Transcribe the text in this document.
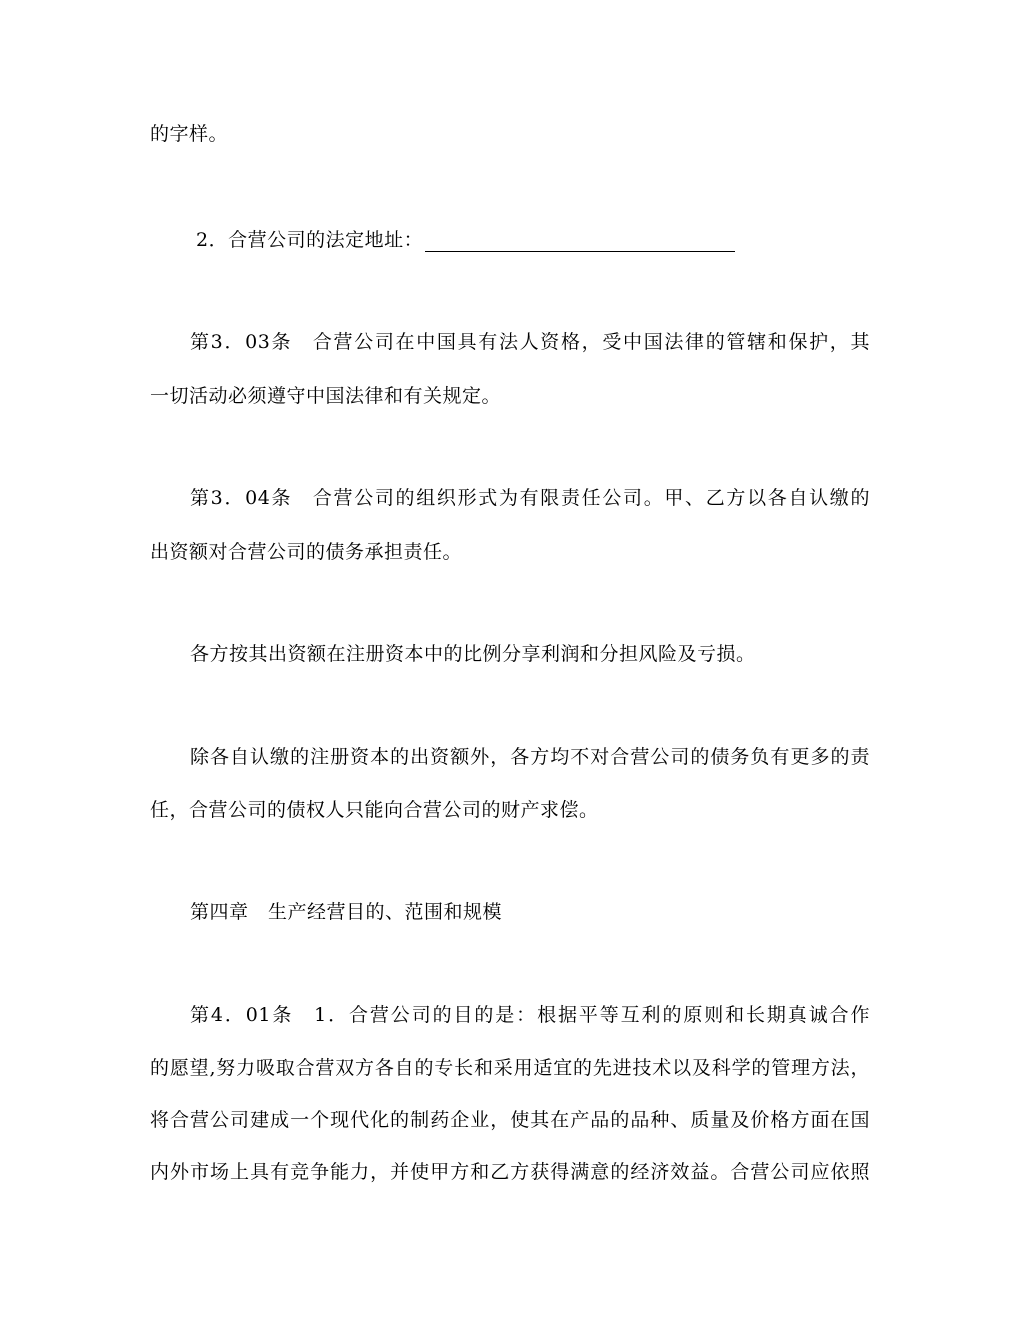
的字样。
2．合营公司的法定地址：
第3．03条　合营公司在中国具有法人资格，受中国法律的管辖和保护，其
一切活动必须遵守中国法律和有关规定。
第3．04条　合营公司的组织形式为有限责任公司。甲、乙方以各自认缴的
出资额对合营公司的债务承担责任。
各方按其出资额在注册资本中的比例分享利润和分担风险及亏损。
除各自认缴的注册资本的出资额外，各方均不对合营公司的债务负有更多的责
任，合营公司的债权人只能向合营公司的财产求偿。
第四章　生产经营目的、范围和规模
第4．01条　1．合营公司的目的是：根据平等互利的原则和长期真诚合作
的愿望,努力吸取合营双方各自的专长和采用适宜的先进技术以及科学的管理方法，
将合营公司建成一个现代化的制药企业，使其在产品的品种、质量及价格方面在国
内外市场上具有竞争能力，并使甲方和乙方获得满意的经济效益。合营公司应依照
